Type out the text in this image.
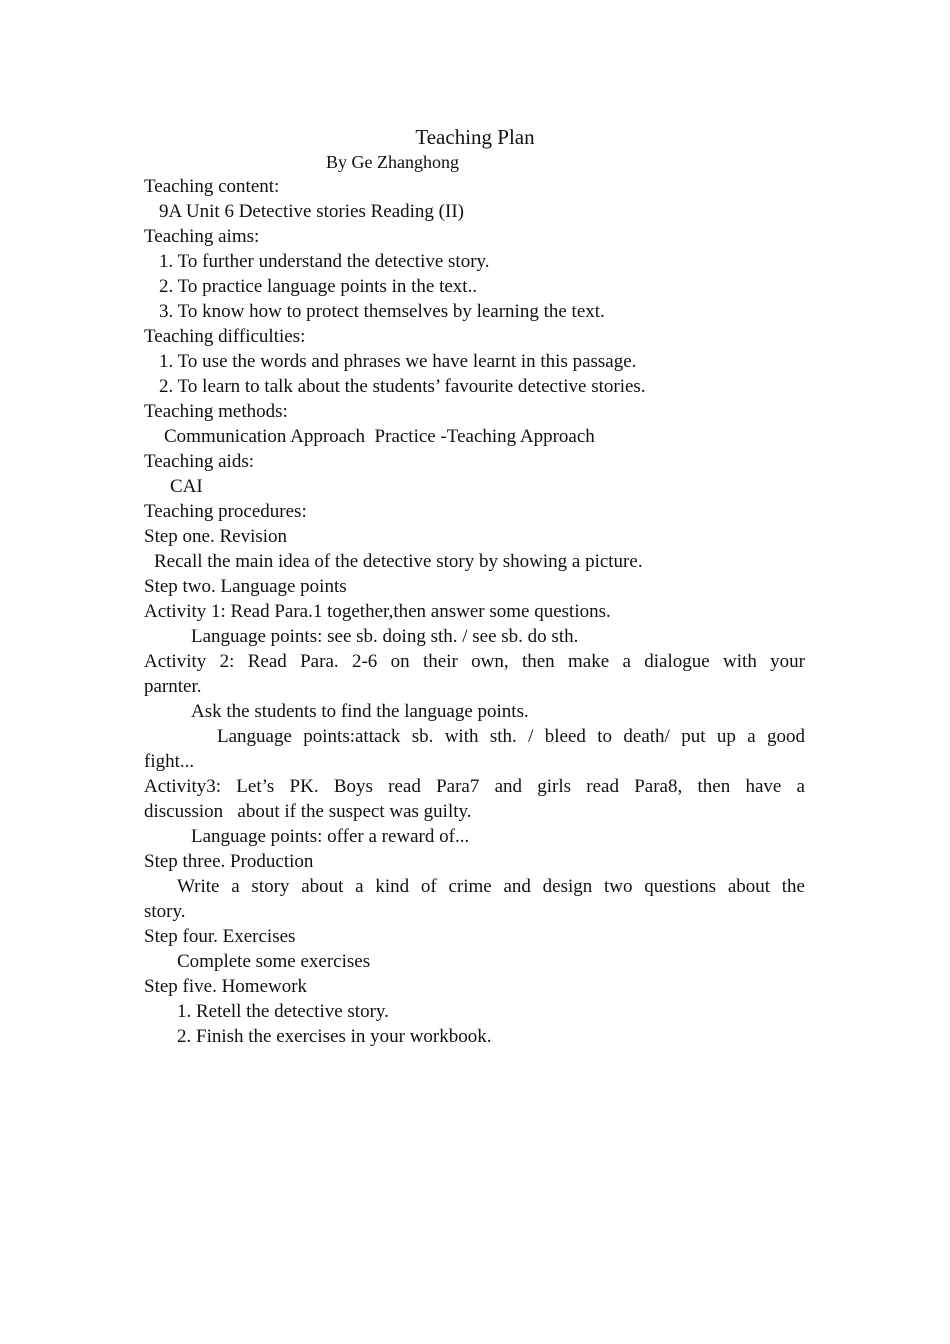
Teaching Plan
By Ge Zhanghong
Teaching content:
9A Unit 6 Detective stories Reading (II)
Teaching aims:
1. To further understand the detective story.
2. To practice language points in the text..
3. To know how to protect themselves by learning the text.
Teaching difficulties:
1. To use the words and phrases we have learnt in this passage.
2. To learn to talk about the students’ favourite detective stories.
Teaching methods:
Communication Approach  Practice -Teaching Approach
Teaching aids:
CAI
Teaching procedures:
Step one. Revision
Recall the main idea of the detective story by showing a picture.
Step two. Language points
Activity 1: Read Para.1 together,then answer some questions.
Language points: see sb. doing sth. / see sb. do sth.
Activity 2: Read Para. 2-6 on their own, then make a dialogue with your
parnter.
Ask the students to find the language points.
Language points:attack sb. with sth. / bleed to death/ put up a good
fight...
Activity3: Let’s PK. Boys read Para7 and girls read Para8, then have a
discussion   about if the suspect was guilty.
Language points: offer a reward of...
Step three. Production
Write a story about a kind of crime and design two questions about the
story.
Step four. Exercises
Complete some exercises
Step five. Homework
1. Retell the detective story.
2. Finish the exercises in your workbook.
